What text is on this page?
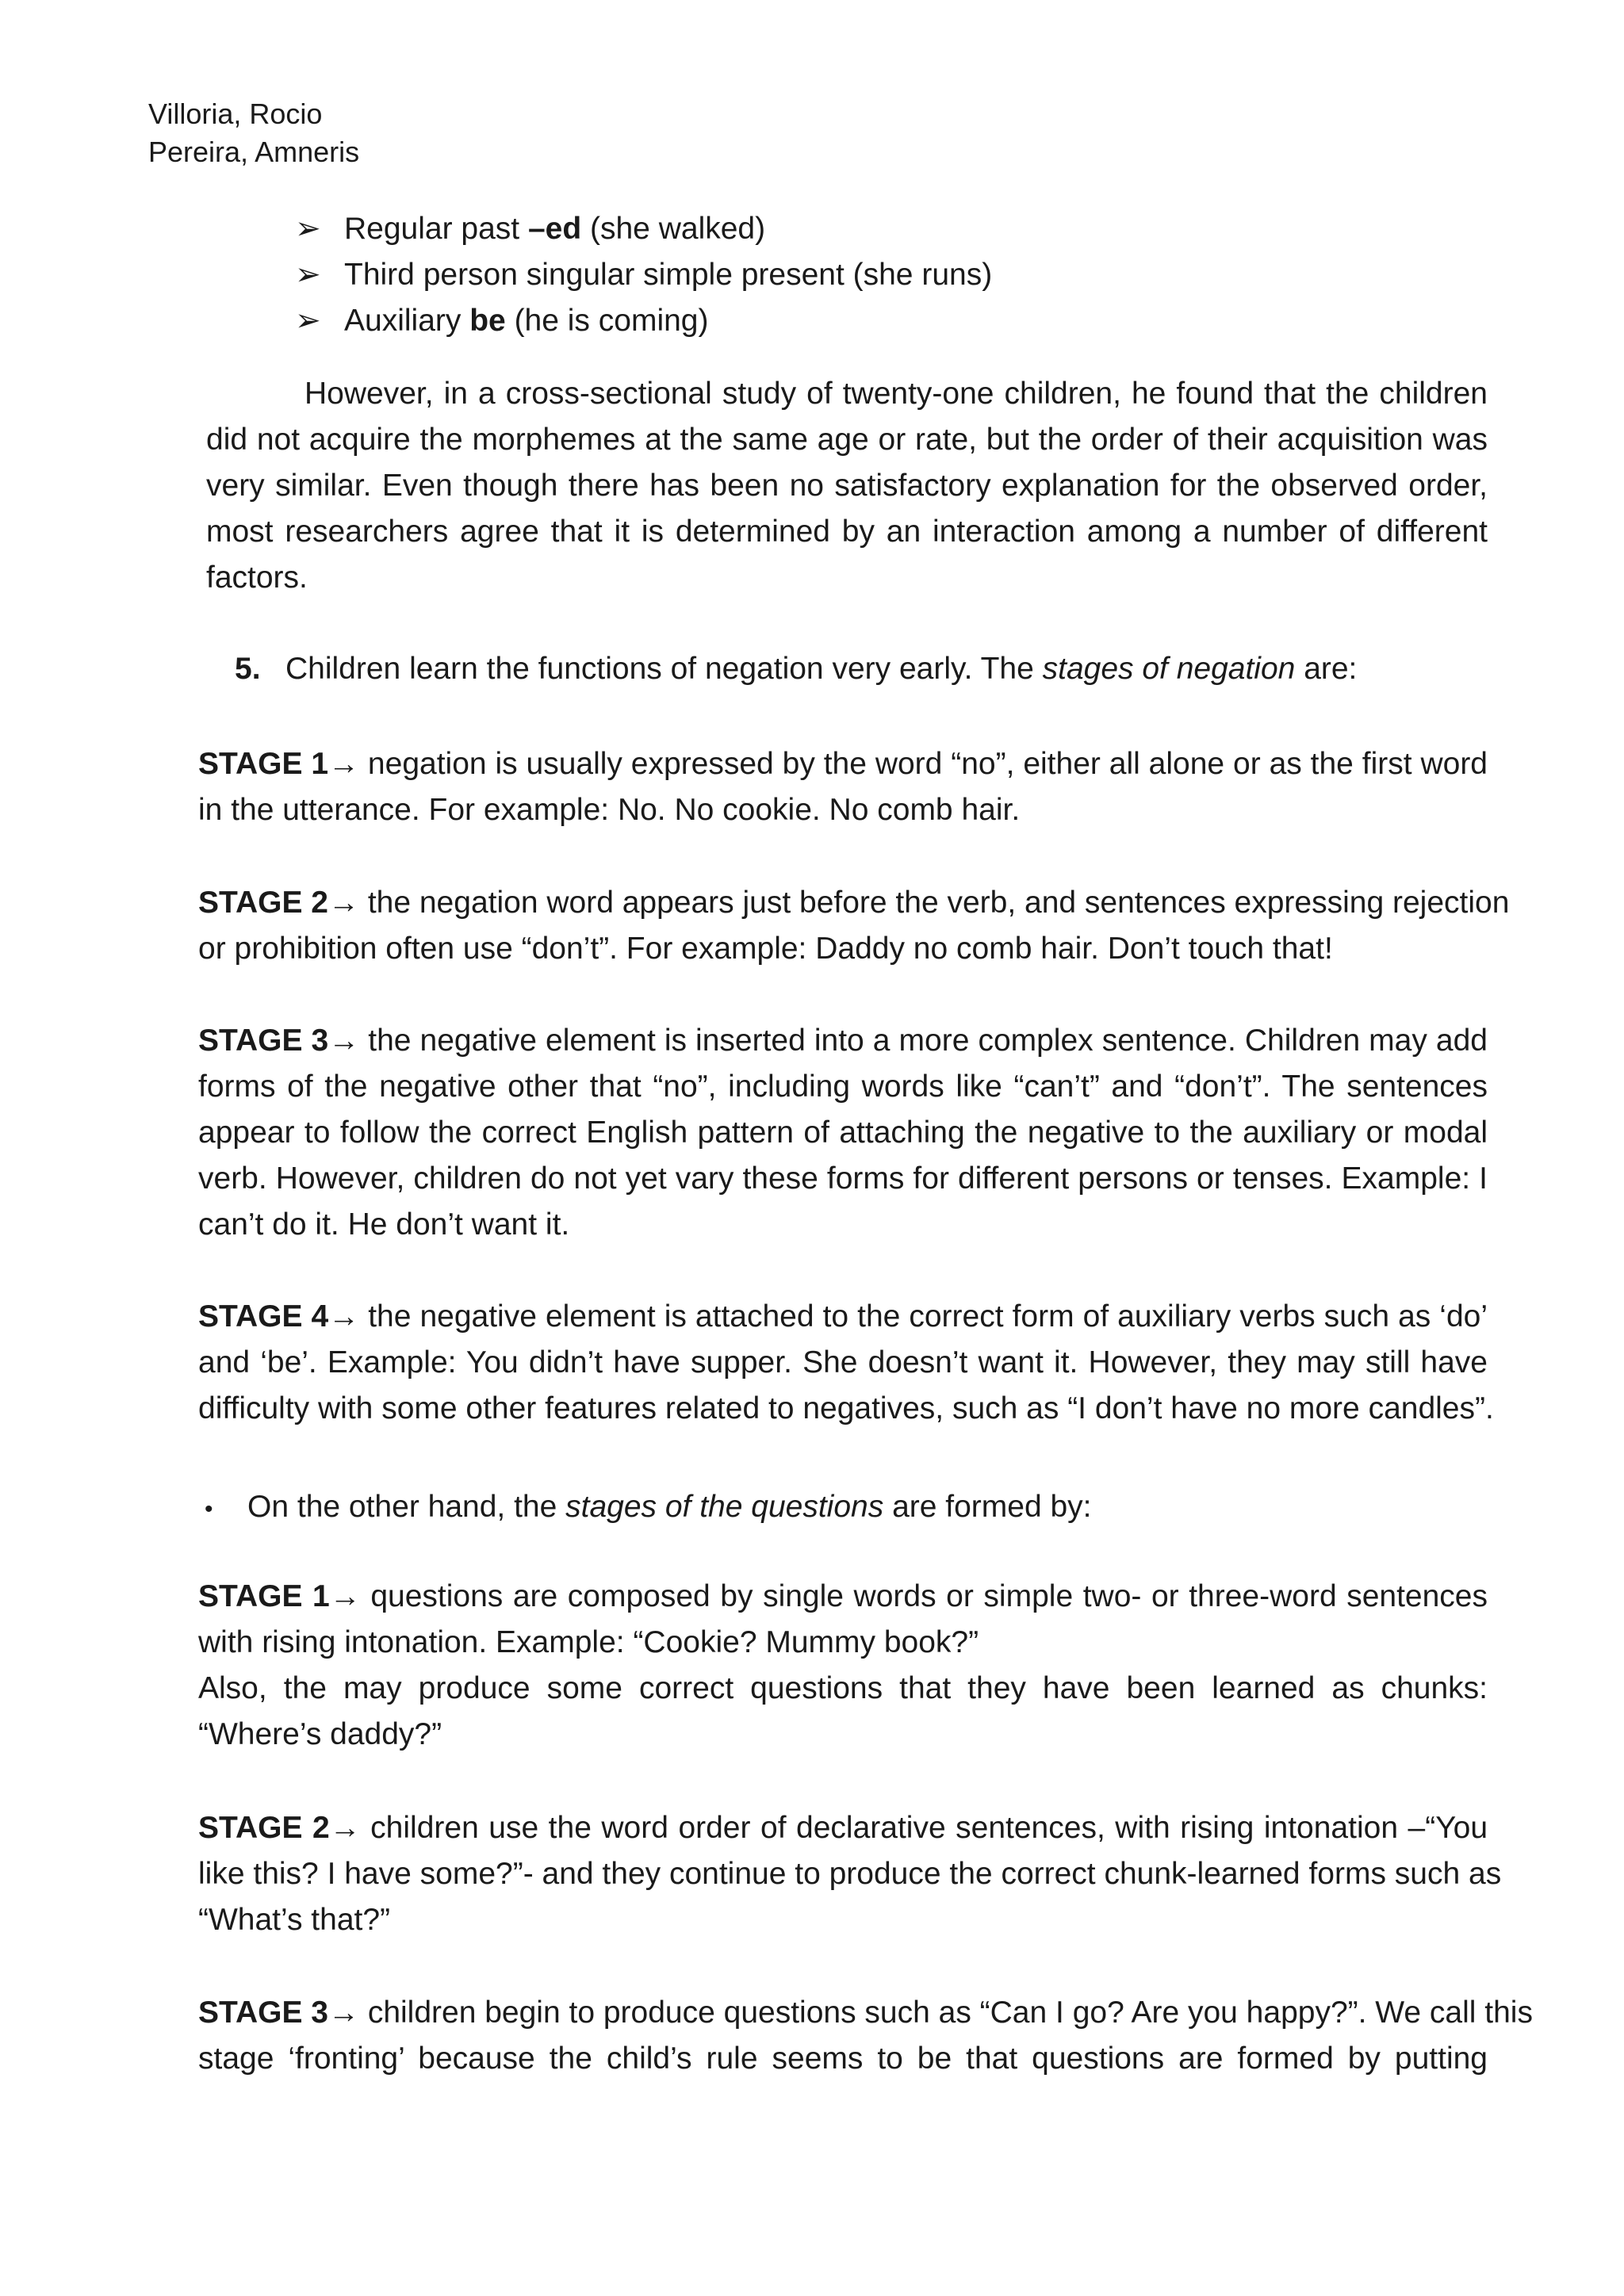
Villoria, Rocio
Pereira, Amneris
➢ Regular past –ed (she walked)
➢ Third person singular simple present (she runs)
➢ Auxiliary be (he is coming)
However, in a cross-sectional study of twenty-one children, he found that the children
did not acquire the morphemes at the same age or rate, but the order of their acquisition was
very similar. Even though there has been no satisfactory explanation for the observed order,
most researchers agree that it is determined by an interaction among a number of different
factors.
5. Children learn the functions of negation very early. The stages of negation are:
STAGE 1→ negation is usually expressed by the word “no”, either all alone or as the first word
in the utterance. For example: No. No cookie. No comb hair.
STAGE 2→ the negation word appears just before the verb, and sentences expressing rejection
or prohibition often use “don’t”. For example: Daddy no comb hair. Don’t touch that!
STAGE 3→ the negative element is inserted into a more complex sentence. Children may add
forms of the negative other that “no”, including words like “can’t” and “don’t”. The sentences
appear to follow the correct English pattern of attaching the negative to the auxiliary or modal
verb. However, children do not yet vary these forms for different persons or tenses. Example: I
can’t do it. He don’t want it.
STAGE 4→ the negative element is attached to the correct form of auxiliary verbs such as ‘do’
and ‘be’. Example: You didn’t have supper. She doesn’t want it. However, they may still have
difficulty with some other features related to negatives, such as “I don’t have no more candles”.
• On the other hand, the stages of the questions are formed by:
STAGE 1→ questions are composed by single words or simple two- or three-word sentences
with rising intonation. Example: “Cookie? Mummy book?”
Also, the may produce some correct questions that they have been learned as chunks:
“Where’s daddy?”
STAGE 2→ children use the word order of declarative sentences, with rising intonation –“You
like this? I have some?”- and they continue to produce the correct chunk-learned forms such as
“What’s that?”
STAGE 3→ children begin to produce questions such as “Can I go? Are you happy?”. We call this
stage ‘fronting’ because the child’s rule seems to be that questions are formed by putting
